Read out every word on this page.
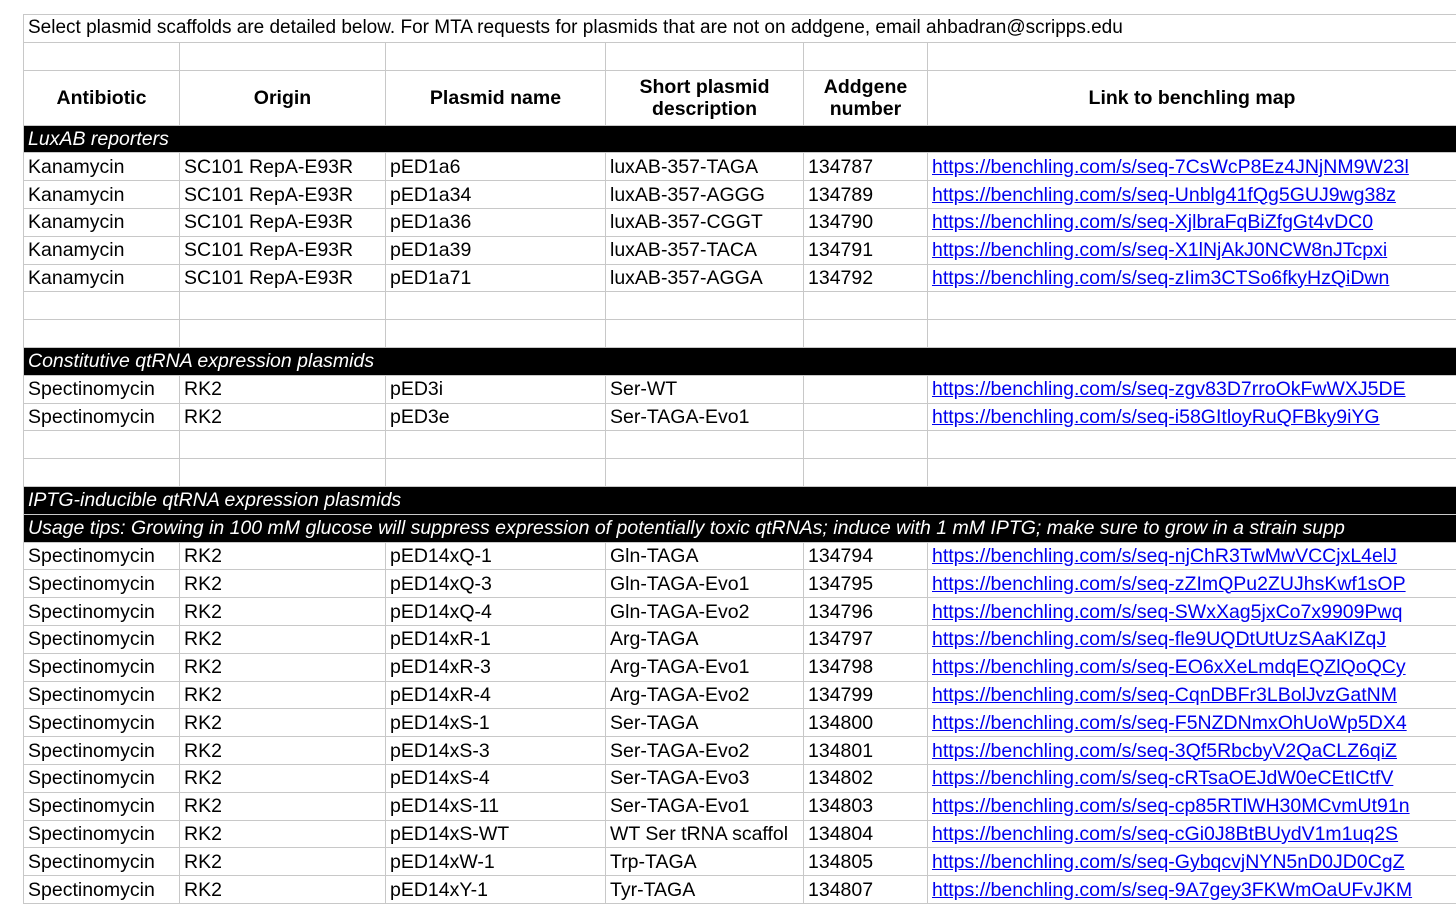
Select plasmid scaffolds are detailed below. For MTA requests for plasmids that are not on addgene, email ahbadran@scripps.edu					

Antibiotic	Origin	Plasmid name	Short plasmid description	Addgene number	Link to benchling map
LuxAB reporters					
Kanamycin	SC101 RepA-E93R	pED1a6	luxAB-357-TAGA	134787	https://benchling.com/s/seq-7CsWcP8Ez4JNjNM9W23l
Kanamycin	SC101 RepA-E93R	pED1a34	luxAB-357-AGGG	134789	https://benchling.com/s/seq-Unblg41fQg5GUJ9wg38z
Kanamycin	SC101 RepA-E93R	pED1a36	luxAB-357-CGGT	134790	https://benchling.com/s/seq-XjlbraFqBiZfgGt4vDC0
Kanamycin	SC101 RepA-E93R	pED1a39	luxAB-357-TACA	134791	https://benchling.com/s/seq-X1lNjAkJ0NCW8nJTcpxi
Kanamycin	SC101 RepA-E93R	pED1a71	luxAB-357-AGGA	134792	https://benchling.com/s/seq-zIim3CTSo6fkyHzQiDwn

Constitutive qtRNA expression plasmids					
Spectinomycin	RK2	pED3i	Ser-WT		https://benchling.com/s/seq-zgv83D7rroOkFwWXJ5DE
Spectinomycin	RK2	pED3e	Ser-TAGA-Evo1		https://benchling.com/s/seq-i58GItloyRuQFBky9iYG

IPTG-inducible qtRNA expression plasmids					
Usage tips: Growing in 100 mM glucose will suppress expression of potentially toxic qtRNAs; induce with 1 mM IPTG; make sure to grow in a strain supp					
Spectinomycin	RK2	pED14xQ-1	Gln-TAGA	134794	https://benchling.com/s/seq-njChR3TwMwVCCjxL4elJ
Spectinomycin	RK2	pED14xQ-3	Gln-TAGA-Evo1	134795	https://benchling.com/s/seq-zZImQPu2ZUJhsKwf1sOP
Spectinomycin	RK2	pED14xQ-4	Gln-TAGA-Evo2	134796	https://benchling.com/s/seq-SWxXag5jxCo7x9909Pwq
Spectinomycin	RK2	pED14xR-1	Arg-TAGA	134797	https://benchling.com/s/seq-fle9UQDtUtUzSAaKIZqJ
Spectinomycin	RK2	pED14xR-3	Arg-TAGA-Evo1	134798	https://benchling.com/s/seq-EO6xXeLmdqEQZlQoQCy
Spectinomycin	RK2	pED14xR-4	Arg-TAGA-Evo2	134799	https://benchling.com/s/seq-CqnDBFr3LBolJvzGatNM
Spectinomycin	RK2	pED14xS-1	Ser-TAGA	134800	https://benchling.com/s/seq-F5NZDNmxOhUoWp5DX4
Spectinomycin	RK2	pED14xS-3	Ser-TAGA-Evo2	134801	https://benchling.com/s/seq-3Qf5RbcbyV2QaCLZ6qiZ
Spectinomycin	RK2	pED14xS-4	Ser-TAGA-Evo3	134802	https://benchling.com/s/seq-cRTsaOEJdW0eCEtICtfV
Spectinomycin	RK2	pED14xS-11	Ser-TAGA-Evo1	134803	https://benchling.com/s/seq-cp85RTlWH30MCvmUt91n
Spectinomycin	RK2	pED14xS-WT	WT Ser tRNA scaffol	134804	https://benchling.com/s/seq-cGi0J8BtBUydV1m1uq2S
Spectinomycin	RK2	pED14xW-1	Trp-TAGA	134805	https://benchling.com/s/seq-GybqcvjNYN5nD0JD0CgZ
Spectinomycin	RK2	pED14xY-1	Tyr-TAGA	134807	https://benchling.com/s/seq-9A7gey3FKWmOaUFvJKM
